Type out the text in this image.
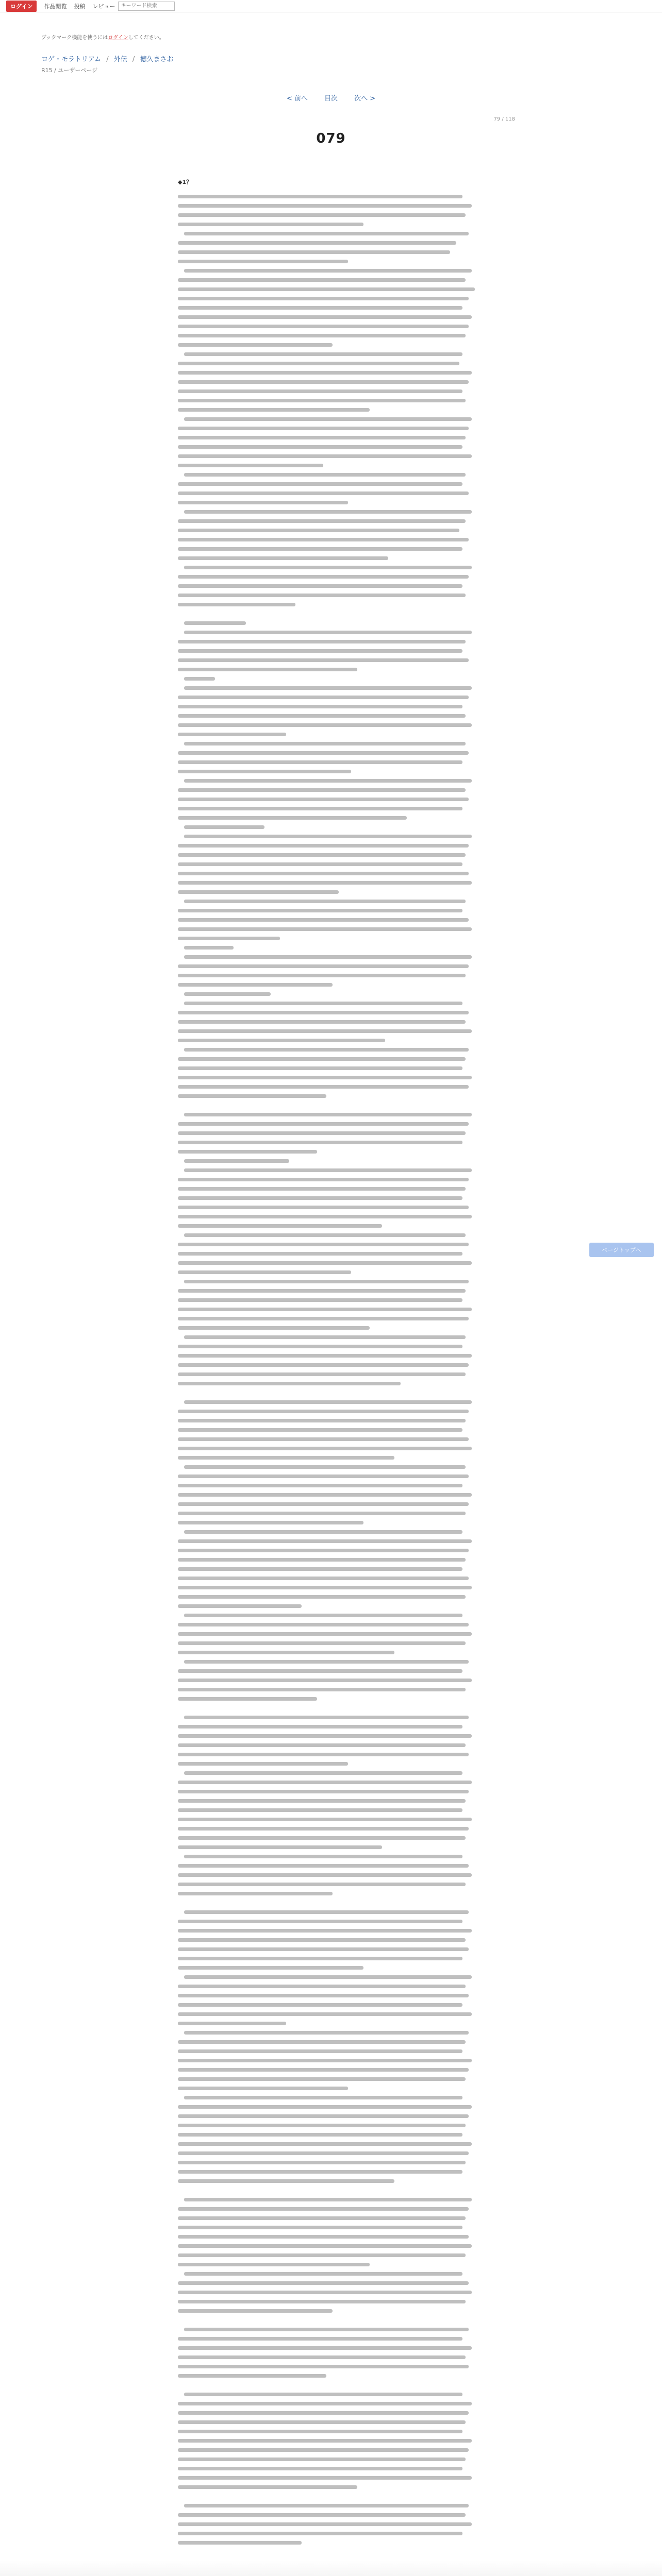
ログイン	作品閲覧 投稿 レビュー
キーワード検索
ブックマーク機能を使うにはログインしてください。
ロゲ・モラトリアム / 外伝 / 徳久まさお
R15 / ユーザーページ
< 前へ 目次 次へ >
79 / 118
079
◆1？
ページトップへ
